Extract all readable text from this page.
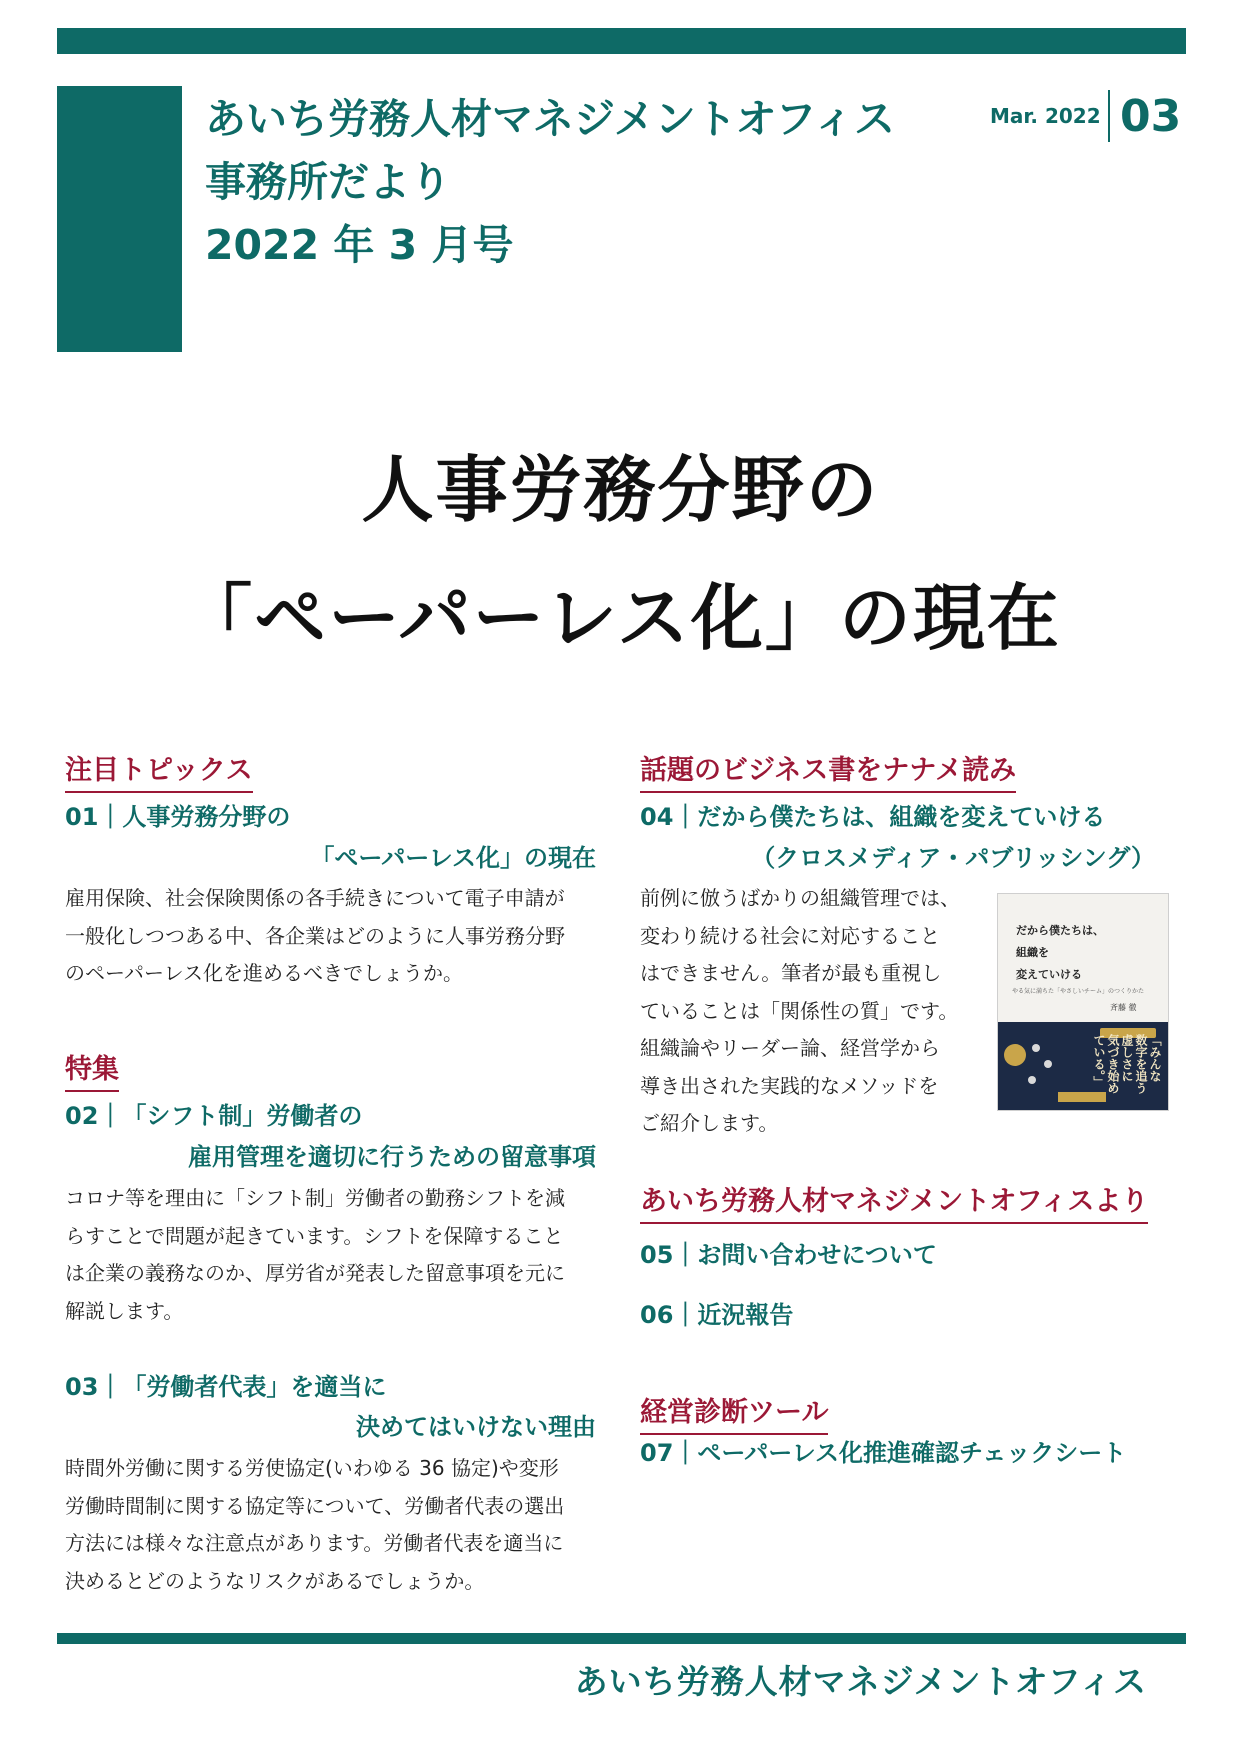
あいち労務人材マネジメントオフィス
事務所だより
2022 年 3 月号
Mar. 2022 03
人事労務分野の
「ペーパーレス化」の現在
注目トピックス
01｜人事労務分野の
「ペーパーレス化」の現在
雇用保険、社会保険関係の各手続きについて電子申請が
一般化しつつある中、各企業はどのように人事労務分野
のペーパーレス化を進めるべきでしょうか。
特集
02｜「シフト制」労働者の
雇用管理を適切に行うための留意事項
コロナ等を理由に「シフト制」労働者の勤務シフトを減
らすことで問題が起きています。シフトを保障すること
は企業の義務なのか、厚労省が発表した留意事項を元に
解説します。
03｜「労働者代表」を適当に
決めてはいけない理由
時間外労働に関する労使協定(いわゆる 36 協定)や変形
労働時間制に関する協定等について、労働者代表の選出
方法には様々な注意点があります。労働者代表を適当に
決めるとどのようなリスクがあるでしょうか。
話題のビジネス書をナナメ読み
04｜だから僕たちは、組織を変えていける
（クロスメディア・パブリッシング）
前例に倣うばかりの組織管理では、
変わり続ける社会に対応すること
はできません。筆者が最も重視し
ていることは「関係性の質」です。
組織論やリーダー論、経営学から
導き出された実践的なメソッドを
ご紹介します。
だから僕たちは、
組織を
変えていける
やる気に満ちた「やさしいチーム」のつくりかた
斉藤 徹
「みんな
数字を追う
虚しさに
気づき始め
ている。」
あいち労務人材マネジメントオフィスより
05｜お問い合わせについて
06｜近況報告
経営診断ツール
07｜ペーパーレス化推進確認チェックシート
あいち労務人材マネジメントオフィス
